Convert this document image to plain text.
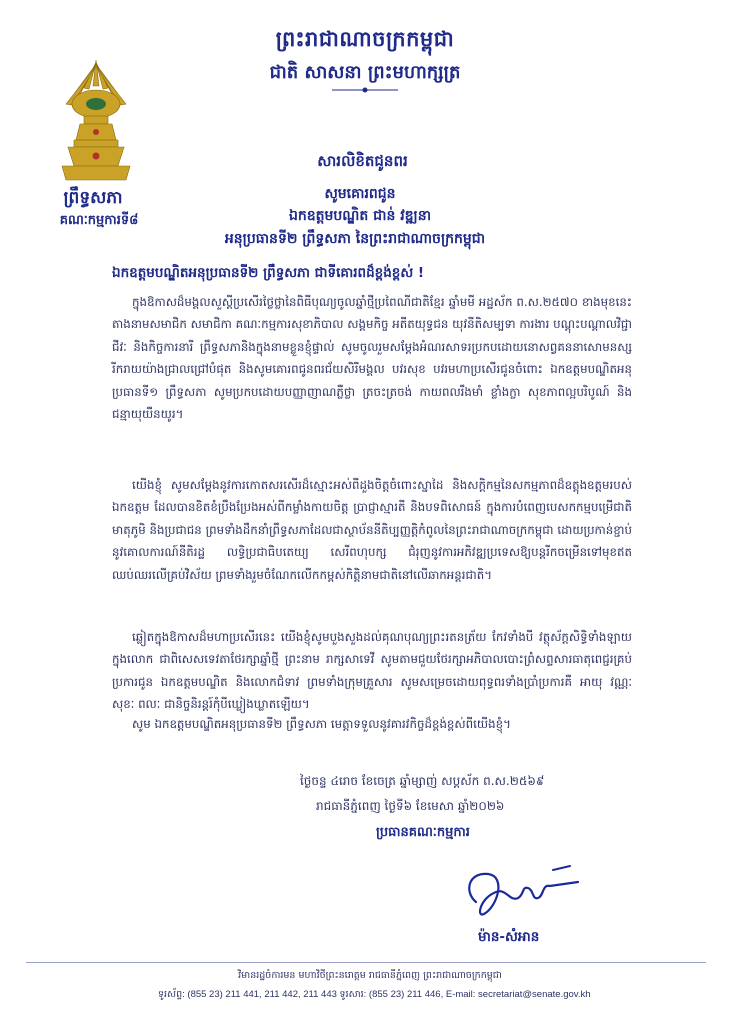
ព្រះរាជាណាចក្រកម្ពុជា
ជាតិ សាសនា ព្រះមហាក្សត្រ
ព្រឹទ្ធសភា
គណៈកម្មការទី៨
សារលិខិតជូនពរ
សូមគោរពជូន
ឯកឧត្តមបណ្ឌិត ជាន់ វឌ្ឍនា
អនុប្រធានទី២ ព្រឹទ្ធសភា នៃព្រះរាជាណាចក្រកម្ពុជា
ឯកឧត្តមបណ្ឌិតអនុប្រធានទី២ ព្រឹទ្ធសភា ជាទីគោរពដ៏ខ្ពង់ខ្ពស់ !
ក្នុងឱកាសដ៏មង្គលសួស្តីប្រសើរថ្លៃថ្លានៃពិធីបុណ្យចូលឆ្នាំថ្មីប្រពៃណីជាតិខ្មែរ ឆ្នាំមមី អដ្ឋស័ក ព.ស.២៥៧០ ខាងមុខនេះ តាងនាមសមាជិក សមាជិកា គណៈកម្មការសុខាភិបាល សង្គមកិច្ច អតីតយុទ្ធជន យុវនីតិសម្បទា ការងារ បណ្តុះបណ្តាលវិជ្ជាជីវៈ និងកិច្ចការនារី ព្រឹទ្ធសភានិងក្នុងនាមខ្លួនខ្ញុំផ្ទាល់ សូមចូលរួមសម្តែងអំណរសាទរប្រកបដោយនោសព្វគននាសោមនស្សរីករាយយ៉ាងជ្រាលជ្រៅបំផុត និងសូមគោរពជូនពរជ័យសិរីមង្គល បវរសុខ បវរមហាប្រសើរជូនចំពោះ ឯកឧត្តមបណ្ឌិតអនុប្រធានទី១ ព្រឹទ្ធសភា សូមប្រកបដោយបញ្ញាញាណភ្លឺថ្លា ត្រចះត្រចង់ កាយពលរឹងមាំ ខ្លាំងក្លា សុខភាពល្អបរិបូណ៍ និងជន្មាយុយឺនយូរ។
យើងខ្ញុំ សូមសម្តែងនូវការកោតសរសើរដ៏ស្មោះអស់ពីដួងចិត្តចំពោះស្នាដៃ និងសក្តិកម្មនៃសកម្មភាពដ៏ឧត្តុងឧត្តមរបស់ ឯកឧត្តម ដែលបានខិតខំប្រឹងប្រែងអស់ពីកម្លាំងកាយចិត្ត ប្រាជ្ញាស្មារតី និងបទពិសោធន៍ ក្នុងការបំពេញបេសកកម្មបម្រើជាតិ មាតុភូមិ និងប្រជាជន ព្រមទាំងដឹកនាំព្រឹទ្ធសភាដែលជាស្ថាប័ននីតិប្បញ្ញត្តិកំពូលនៃព្រះរាជាណាចក្រកម្ពុជា ដោយប្រកាន់ខ្ជាប់នូវគោលការណ៍នីតិរដ្ឋ លទ្ធិប្រជាធិបតេយ្យ សេរីពហុបក្ស ជំរុញនូវការអភិវឌ្ឍប្រទេសឱ្យបន្តរីកចម្រើនទៅមុខឥតឈប់ឈរលើគ្រប់វិស័យ ព្រមទាំងរួមចំណែកលើកកម្ពស់កិត្តិនាមជាតិនៅលើឆាកអន្តរជាតិ។
ឆ្លៀតក្នុងឱកាសដ៏មហាប្រសើរនេះ យើងខ្ញុំសូមបួងសួងដល់គុណបុណ្យព្រះរតនត្រ័យ កែវទាំងបី វត្ថុស័ក្តសិទ្ធិទាំងឡាយក្នុងលោក ជាពិសេសទេវតាថែរក្សាឆ្នាំថ្មី ព្រះនាម រាក្សសាទេវី សូមតាមជួយថែរក្សាអភិបាលបោះព្រំសព្ទសារធាតុពេជ្ជរគ្រប់ប្រការជូន ឯកឧត្តមបណ្ឌិត និងលោកជំទាវ ព្រមទាំងក្រុមគ្រួសារ សូមសម្រេចដោយពុទ្ធពរទាំងប្រាំប្រការគឺ អាយុ វណ្ណៈ សុខៈ ពលៈ ជានិច្ចនិរន្តរ៍កុំបីឃ្លៀងឃ្លាតឡើយ។
សូម ឯកឧត្តមបណ្ឌិតអនុប្រធានទី២ ព្រឹទ្ធសភា មេត្តាទទួលនូវគារវកិច្ចដ៏ខ្ពង់ខ្ពស់ពីយើងខ្ញុំ។
ថ្ងៃចន្ទ ៤រោច ខែចេត្រ ឆ្នាំម្សាញ់ សប្តស័ក ព.ស.២៥៦៩
រាជធានីភ្នំពេញ ថ្ងៃទី៦ ខែមេសា ឆ្នាំ២០២៦
ប្រធានគណៈកម្មការ
ម៉ាន-សំអាន
វិមានរដ្ឋចំការមន មហាវិថីព្រះនរោត្តម រាជធានីភ្នំពេញ ព្រះរាជាណាចក្រកម្ពុជា
ទូរស័ព្ទ: (855 23) 211 441, 211 442, 211 443 ទូរសារ: (855 23) 211 446, E-mail: secretariat@senate.gov.kh
